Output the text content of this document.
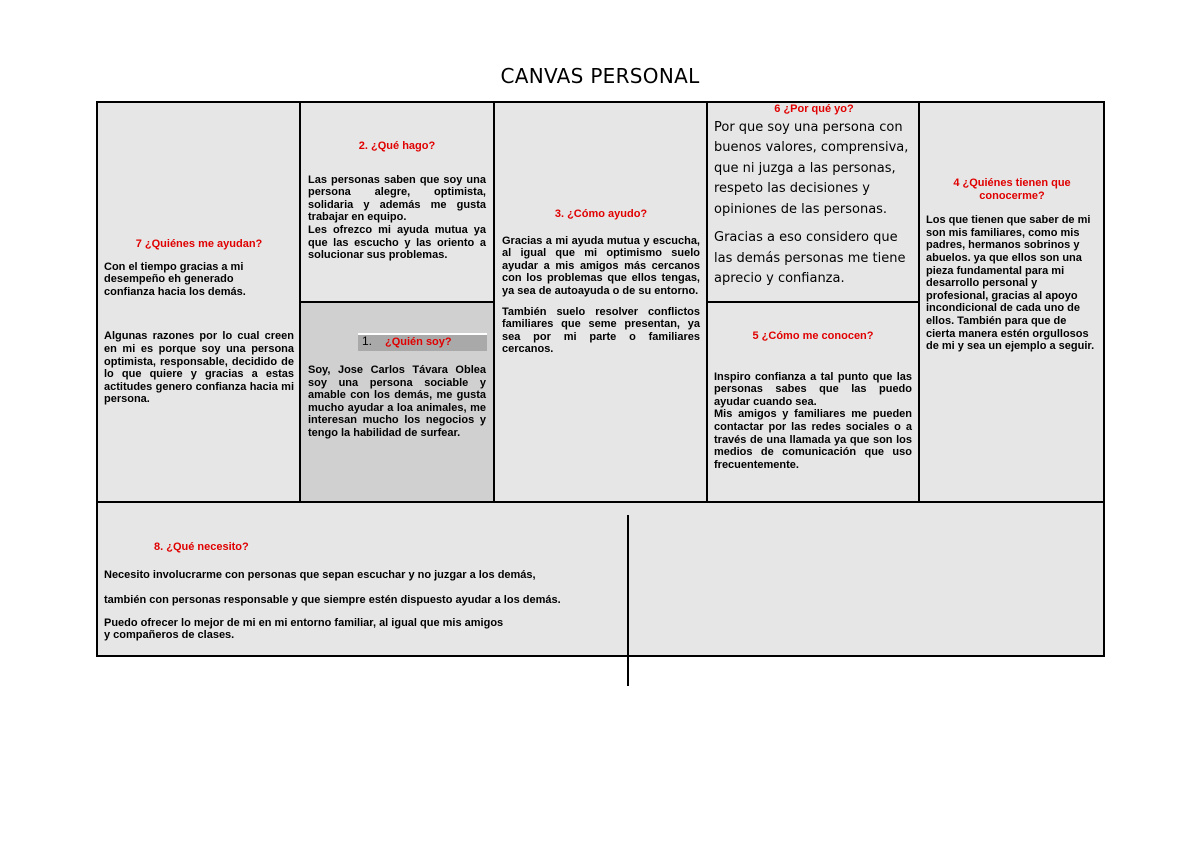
CANVAS PERSONAL

7 ¿Quiénes me ayudan?

Con el tiempo gracias a mi desempeño eh generado confianza hacia los demás.

Algunas razones por lo cual creen en mi es porque soy una persona optimista, responsable, decidido de lo que quiere y gracias a estas actitudes genero confianza hacia mi persona.

2. ¿Qué hago?

Las personas saben que soy una persona alegre, optimista, solidaria y además me gusta trabajar en equipo.

Les ofrezco mi ayuda mutua ya que las escucho y las oriento a solucionar sus problemas.

1. ¿Quién soy?

Soy, Jose Carlos Távara Oblea soy una persona sociable y amable con los demás, me gusta mucho ayudar a loa animales, me interesan mucho los negocios y tengo la habilidad de surfear.

3. ¿Cómo ayudo?

Gracias a mi ayuda mutua y escucha, al igual que mi optimismo suelo ayudar a mis amigos más cercanos con los problemas que ellos tengas, ya sea de autoayuda o de su entorno.

También suelo resolver conflictos familiares que seme presentan, ya sea por mi parte o familiares cercanos.

6 ¿Por qué yo?

Por que soy una persona con buenos valores, comprensiva, que ni juzga a las personas, respeto las decisiones y opiniones de las personas.

Gracias a eso considero que las demás personas me tiene aprecio y confianza.

5 ¿Cómo me conocen?

Inspiro confianza a tal punto que las personas sabes que las puedo ayudar cuando sea.

Mis amigos y familiares me pueden contactar por las redes sociales o a través de una llamada ya que son los medios de comunicación que uso frecuentemente.

4 ¿Quiénes tienen que conocerme?

Los que tienen que saber de mi son mis familiares, como mis padres, hermanos sobrinos y abuelos. ya que ellos son una pieza fundamental para mi desarrollo personal y profesional, gracias al apoyo incondicional de cada uno de ellos. También para que de cierta manera estén orgullosos de mi y sea un ejemplo a seguir.

8. ¿Qué necesito?

Necesito involucrarme con personas que sepan escuchar y no juzgar a los demás,

también con personas responsable y que siempre estén dispuesto ayudar a los demás.

Puedo ofrecer lo mejor de mi en mi entorno familiar, al igual que mis amigos y compañeros de clases.
